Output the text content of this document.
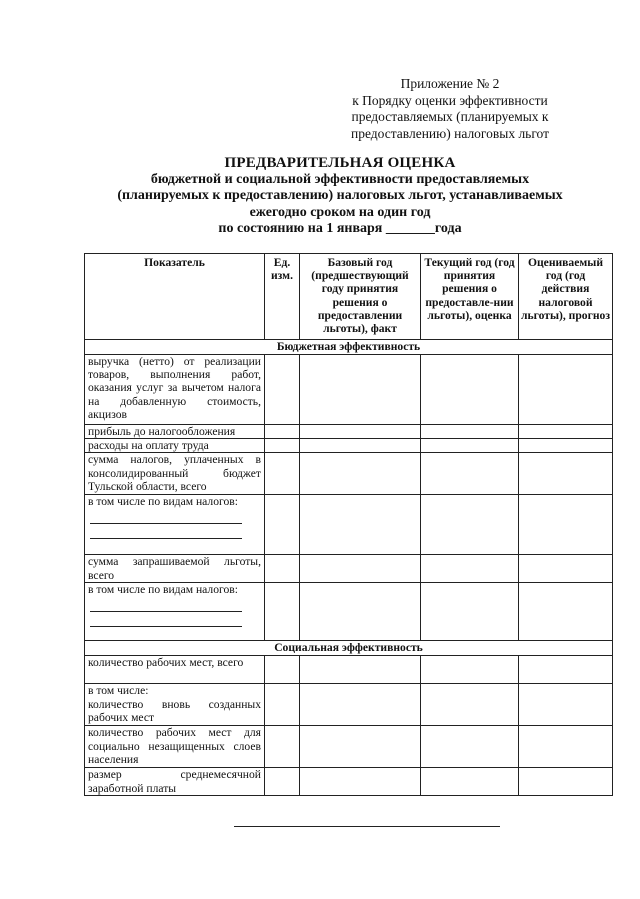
Приложение № 2
к Порядку оценки эффективности
предоставляемых (планируемых к
предоставлению) налоговых льгот
ПРЕДВАРИТЕЛЬНАЯ ОЦЕНКА
бюджетной и социальной эффективности предоставляемых
(планируемых к предоставлению) налоговых льгот, устанавливаемых
ежегодно сроком на один год
по состоянию на 1 января _______года
Показатель	Ед. изм.	Базовый год (предшествующий году принятия решения о предоставлении льготы), факт	Текущий год (год принятия решения о предоставле-нии льготы), оценка	Оцениваемый год (год действия налоговой льготы), прогноз
Бюджетная эффективность				
выручка (нетто) от реализации товаров, выполнения работ, оказания услуг за вычетом налога на добавленную стоимость, акцизов				
прибыль до налогообложения				
расходы на оплату труда				
сумма налогов, уплаченных в консолидированный бюджет Тульской области, всего				

в том числе по видам налогов:				

сумма запрашиваемой льготы, всего				

в том числе по видам налогов:				

Социальная эффективность				
количество рабочих мест, всего				

в том числе:
количество вновь созданных рабочих мест				

количество рабочих мест для социально незащищенных слоев населения				
размер среднемесячной заработной платы				
